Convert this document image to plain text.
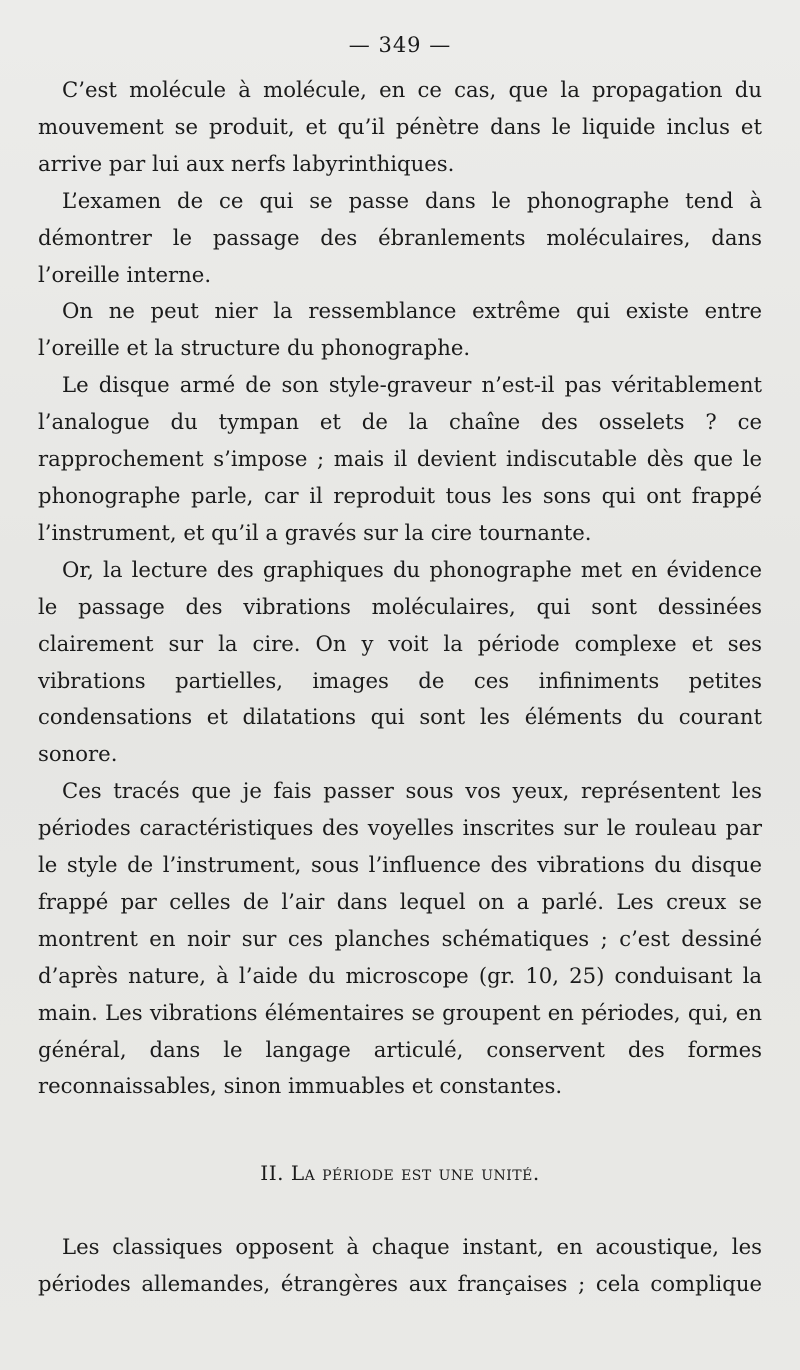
— 349 —

C’est molécule à molécule, en ce cas, que la propagation du mouvement se produit, et qu’il pénètre dans le liquide inclus et arrive par lui aux nerfs labyrinthiques.

L’examen de ce qui se passe dans le phonographe tend à démontrer le passage des ébranlements moléculaires, dans l’oreille interne.

On ne peut nier la ressemblance extrême qui existe entre l’oreille et la structure du phonographe.

Le disque armé de son style-graveur n’est-il pas véritablement l’analogue du tympan et de la chaîne des osselets ? ce rapprochement s’impose ; mais il devient indiscutable dès que le phonographe parle, car il reproduit tous les sons qui ont frappé l’instrument, et qu’il a gravés sur la cire tournante.

Or, la lecture des graphiques du phonographe met en évidence le passage des vibrations moléculaires, qui sont dessinées clairement sur la cire. On y voit la période complexe et ses vibrations partielles, images de ces infiniments petites condensations et dilatations qui sont les éléments du courant sonore.

Ces tracés que je fais passer sous vos yeux, représentent les périodes caractéristiques des voyelles inscrites sur le rouleau par le style de l’instrument, sous l’influence des vibrations du disque frappé par celles de l’air dans lequel on a parlé. Les creux se montrent en noir sur ces planches schématiques ; c’est dessiné d’après nature, à l’aide du microscope (gr. 10, 25) conduisant la main. Les vibrations élémentaires se groupent en périodes, qui, en général, dans le langage articulé, conservent des formes reconnaissables, sinon immuables et constantes.

II. La période est une unité.

Les classiques opposent à chaque instant, en acoustique, les périodes allemandes, étrangères aux françaises ; cela complique
